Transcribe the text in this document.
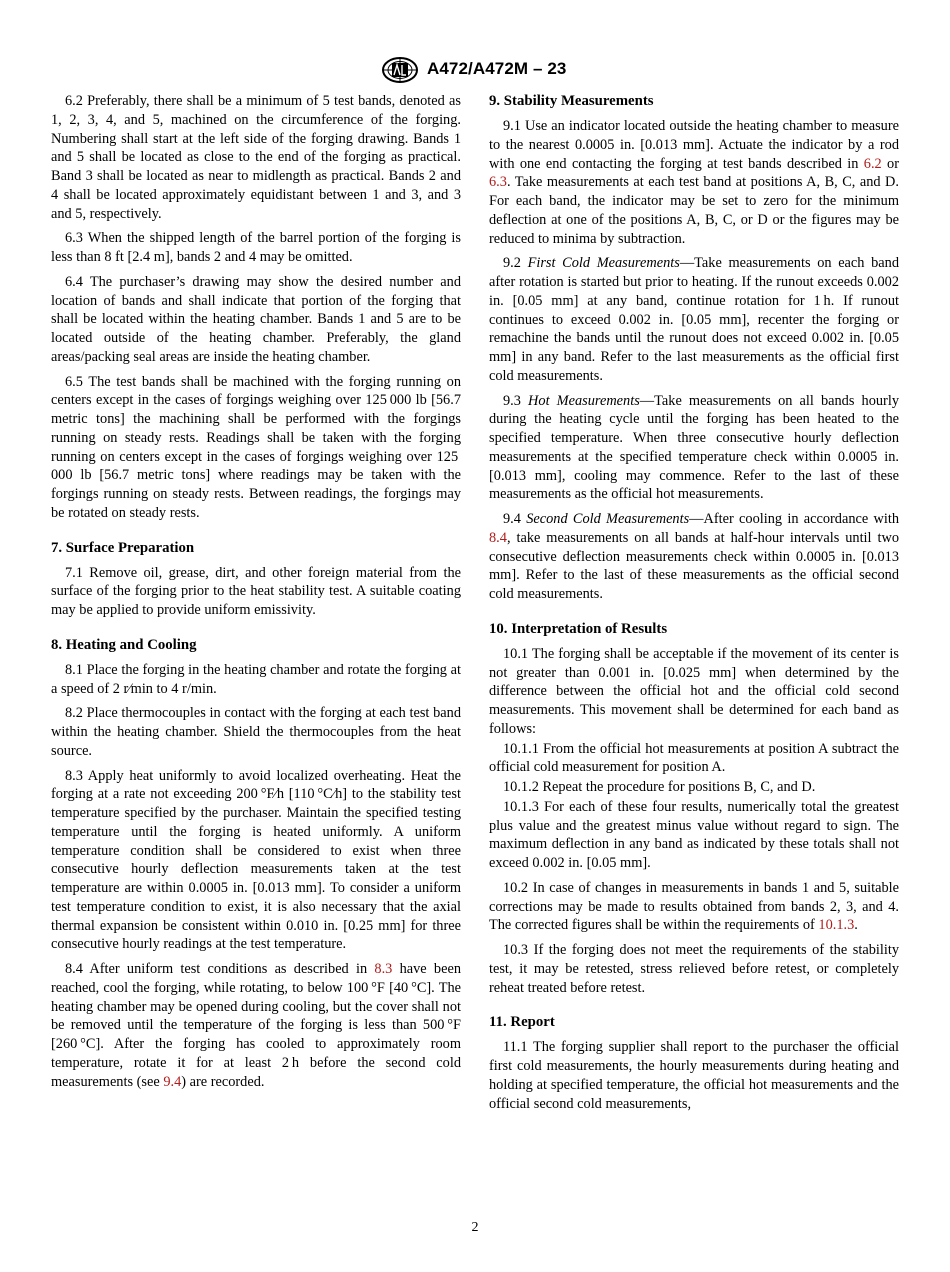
A472/A472M – 23

6.2 Preferably, there shall be a minimum of 5 test bands, denoted as 1, 2, 3, 4, and 5, machined on the circumference of the forging. Numbering shall start at the left side of the forging drawing. Bands 1 and 5 shall be located as close to the end of the forging as practical. Band 3 shall be located as near to midlength as practical. Bands 2 and 4 shall be located approximately equidistant between 1 and 3, and 3 and 5, respectively.

6.3 When the shipped length of the barrel portion of the forging is less than 8 ft [2.4 m], bands 2 and 4 may be omitted.

6.4 The purchaser’s drawing may show the desired number and location of bands and shall indicate that portion of the forging that shall be located within the heating chamber. Bands 1 and 5 are to be located outside of the heating chamber. Preferably, the gland areas/packing seal areas are inside the heating chamber.

6.5 The test bands shall be machined with the forging running on centers except in the cases of forgings weighing over 125 000 lb [56.7 metric tons] the machining shall be performed with the forgings running on steady rests. Readings shall be taken with the forging running on centers except in the cases of forgings weighing over 125 000 lb [56.7 metric tons] where readings may be taken with the forgings running on steady rests. Between readings, the forgings may be rotated on steady rests.

7. Surface Preparation

7.1 Remove oil, grease, dirt, and other foreign material from the surface of the forging prior to the heat stability test. A suitable coating may be applied to provide uniform emissivity.

8. Heating and Cooling

8.1 Place the forging in the heating chamber and rotate the forging at a speed of 2 r⁄min to 4 r/min.

8.2 Place thermocouples in contact with the forging at each test band within the heating chamber. Shield the thermocouples from the heat source.

8.3 Apply heat uniformly to avoid localized overheating. Heat the forging at a rate not exceeding 200 °F⁄h [110 °C⁄h] to the stability test temperature specified by the purchaser. Maintain the specified testing temperature until the forging is heated uniformly. A uniform temperature condition shall be considered to exist when three consecutive hourly deflection measurements taken at the test temperature are within 0.0005 in. [0.013 mm]. To consider a uniform test temperature condition to exist, it is also necessary that the axial thermal expansion be consistent within 0.010 in. [0.25 mm] for three consecutive hourly readings at the test temperature.

8.4 After uniform test conditions as described in 8.3 have been reached, cool the forging, while rotating, to below 100 °F [40 °C]. The heating chamber may be opened during cooling, but the cover shall not be removed until the temperature of the forging is less than 500 °F [260 °C]. After the forging has cooled to approximately room temperature, rotate it for at least 2 h before the second cold measurements (see 9.4) are recorded.

9. Stability Measurements

9.1 Use an indicator located outside the heating chamber to measure to the nearest 0.0005 in. [0.013 mm]. Actuate the indicator by a rod with one end contacting the forging at test bands described in 6.2 or 6.3. Take measurements at each test band at positions A, B, C, and D. For each band, the indicator may be set to zero for the minimum deflection at one of the positions A, B, C, or D or the figures may be reduced to minima by subtraction.

9.2 First Cold Measurements—Take measurements on each band after rotation is started but prior to heating. If the runout exceeds 0.002 in. [0.05 mm] at any band, continue rotation for 1 h. If runout continues to exceed 0.002 in. [0.05 mm], recenter the forging or remachine the bands until the runout does not exceed 0.002 in. [0.05 mm] in any band. Refer to the last measurements as the official first cold measurements.

9.3 Hot Measurements—Take measurements on all bands hourly during the heating cycle until the forging has been heated to the specified temperature. When three consecutive hourly deflection measurements at the specified temperature check within 0.0005 in. [0.013 mm], cooling may commence. Refer to the last of these measurements as the official hot measurements.

9.4 Second Cold Measurements—After cooling in accordance with 8.4, take measurements on all bands at half-hour intervals until two consecutive deflection measurements check within 0.0005 in. [0.013 mm]. Refer to the last of these measurements as the official second cold measurements.

10. Interpretation of Results

10.1 The forging shall be acceptable if the movement of its center is not greater than 0.001 in. [0.025 mm] when determined by the difference between the official hot and the official cold second measurements. This movement shall be determined for each band as follows:

10.1.1 From the official hot measurements at position A subtract the official cold measurement for position A.

10.1.2 Repeat the procedure for positions B, C, and D.

10.1.3 For each of these four results, numerically total the greatest plus value and the greatest minus value without regard to sign. The maximum deflection in any band as indicated by these totals shall not exceed 0.002 in. [0.05 mm].

10.2 In case of changes in measurements in bands 1 and 5, suitable corrections may be made to results obtained from bands 2, 3, and 4. The corrected figures shall be within the requirements of 10.1.3.

10.3 If the forging does not meet the requirements of the stability test, it may be retested, stress relieved before retest, or completely reheat treated before retest.

11. Report

11.1 The forging supplier shall report to the purchaser the official first cold measurements, the hourly measurements during heating and holding at specified temperature, the official hot measurements and the official second cold measurements,

2
